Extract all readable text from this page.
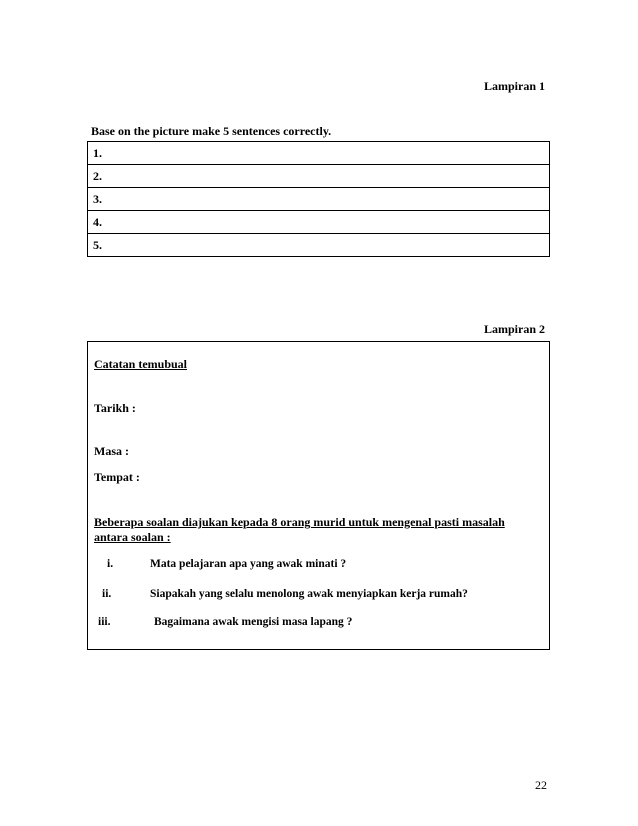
Lampiran 1
Base on the picture make 5 sentences correctly.
1.
2.
3.
4.
5.
Lampiran 2
Catatan temubual
Tarikh :
Masa :
Tempat :
Beberapa soalan diajukan kepada 8 orang murid untuk mengenal pasti masalah
antara soalan :
i.	Mata pelajaran apa yang awak minati ?
ii.	Siapakah yang selalu menolong awak menyiapkan kerja rumah?
iii.	Bagaimana awak mengisi masa lapang ?
22
